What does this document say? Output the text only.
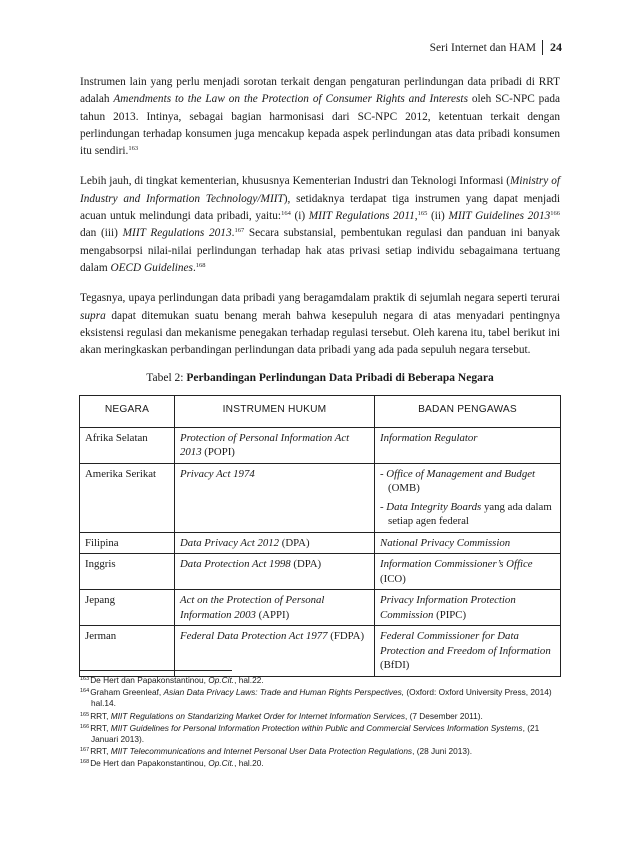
Seri Internet dan HAM	24

Instrumen lain yang perlu menjadi sorotan terkait dengan pengaturan perlindungan data pribadi di RRT adalah Amendments to the Law on the Protection of Consumer Rights and Interests oleh SC-NPC pada tahun 2013. Intinya, sebagai bagian harmonisasi dari SC-NPC 2012, ketentuan terkait dengan perlindungan terhadap konsumen juga mencakup kepada aspek perlindungan atas data pribadi konsumen itu sendiri.$^{163}$

Lebih jauh, di tingkat kementerian, khususnya Kementerian Industri dan Teknologi Informasi (Ministry of Industry and Information Technology/MIIT), setidaknya terdapat tiga instrumen yang dapat menjadi acuan untuk melindungi data pribadi, yaitu:$^{164}$ (i) MIIT Regulations 2011,$^{165}$ (ii) MIIT Guidelines 2013$^{166}$ dan (iii) MIIT Regulations 2013.$^{167}$ Secara substansial, pembentukan regulasi dan panduan ini banyak mengabsorpsi nilai-nilai perlindungan terhadap hak atas privasi setiap individu sebagaimana tertuang dalam OECD Guidelines.$^{168}$

Tegasnya, upaya perlindungan data pribadi yang beragamdalam praktik di sejumlah negara seperti terurai supra dapat ditemukan suatu benang merah bahwa kesepuluh negara di atas menyadari pentingnya eksistensi regulasi dan mekanisme penegakan terhadap regulasi tersebut. Oleh karena itu, tabel berikut ini akan meringkaskan perbandingan perlindungan data pribadi yang ada pada sepuluh negara tersebut.

Tabel 2: Perbandingan Perlindungan Data Pribadi di Beberapa Negara
NEGARA	INSTRUMEN HUKUM	BADAN PENGAWAS
Afrika Selatan	Protection of Personal Information Act 2013 (POPI)	Information Regulator
Amerika Serikat	Privacy Act 1974	- Office of Management and Budget (OMB)
- Data Integrity Boards yang ada dalam setiap agen federal

Filipina	Data Privacy Act 2012 (DPA)	National Privacy Commission
Inggris	Data Protection Act 1998 (DPA)	Information Commissioner’s Office (ICO)
Jepang	Act on the Protection of Personal Information 2003 (APPI)	Privacy Information Protection Commission (PIPC)
Jerman	Federal Data Protection Act 1977 (FDPA)	Federal Commissioner for Data Protection and Freedom of Information (BfDI)
$^{163}$De Hert dan Papakonstantinou, Op.Cit., hal.22.
$^{164}$Graham Greenleaf, Asian Data Privacy Laws: Trade and Human Rights Perspectives, (Oxford: Oxford University Press, 2014) hal.14.
$^{165}$RRT, MIIT Regulations on Standarizing Market Order for Internet Information Services, (7 Desember 2011).
$^{166}$RRT, MIIT Guidelines for Personal Information Protection within Public and Commercial Services Information Systems, (21 Januari 2013).
$^{167}$RRT, MIIT Telecommunications and Internet Personal User Data Protection Regulations, (28 Juni 2013).
$^{168}$De Hert dan Papakonstantinou, Op.Cit., hal.20.
